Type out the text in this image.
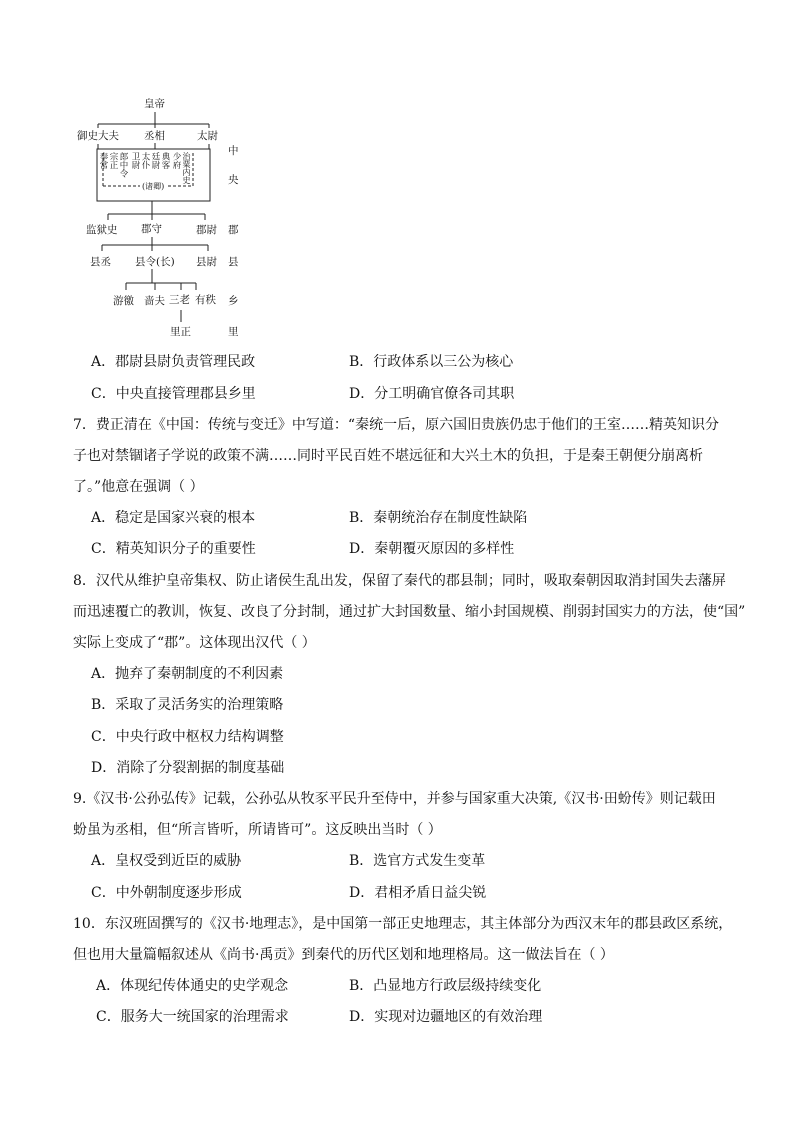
皇帝
御史大夫 丞相	太尉
奉常 宗正 郎中令 卫尉 太仆 廷尉 典客 少府 治粟内史
(诸卿)
监狱史 郡守	郡尉
县丞 县令(长) 县尉
游徼 啬夫 三老 有秩
里正
中
央
郡
县
乡
里
A．郡尉县尉负责管理民政	B．行政体系以三公为核心
C．中央直接管理郡县乡里	D．分工明确官僚各司其职
7．费正清在《中国：传统与变迁》中写道：“秦统一后，原六国旧贵族仍忠于他们的王室……精英知识分
子也对禁锢诸子学说的政策不满……同时平民百姓不堪远征和大兴土木的负担，于是秦王朝便分崩离析
了。”他意在强调（ ）
A．稳定是国家兴衰的根本	B．秦朝统治存在制度性缺陷
C．精英知识分子的重要性	D．秦朝覆灭原因的多样性
8．汉代从维护皇帝集权、防止诸侯生乱出发，保留了秦代的郡县制；同时，吸取秦朝因取消封国失去藩屏
而迅速覆亡的教训，恢复、改良了分封制，通过扩大封国数量、缩小封国规模、削弱封国实力的方法，使“国”
实际上变成了“郡”。这体现出汉代（ ）
A．抛弃了秦朝制度的不利因素
B．采取了灵活务实的治理策略
C．中央行政中枢权力结构调整
D．消除了分裂割据的制度基础
9.《汉书·公孙弘传》记载，公孙弘从牧豕平民升至侍中，并参与国家重大决策,《汉书·田蚡传》则记载田
蚡虽为丞相，但“所言皆听，所请皆可”。这反映出当时（ ）
A．皇权受到近臣的威胁	B．选官方式发生变革
C．中外朝制度逐步形成	D．君相矛盾日益尖锐
10．东汉班固撰写的《汉书·地理志》，是中国第一部正史地理志，其主体部分为西汉末年的郡县政区系统，
但也用大量篇幅叙述从《尚书·禹贡》到秦代的历代区划和地理格局。这一做法旨在（ ）
A．体现纪传体通史的史学观念	B．凸显地方行政层级持续变化
C．服务大一统国家的治理需求	D．实现对边疆地区的有效治理
